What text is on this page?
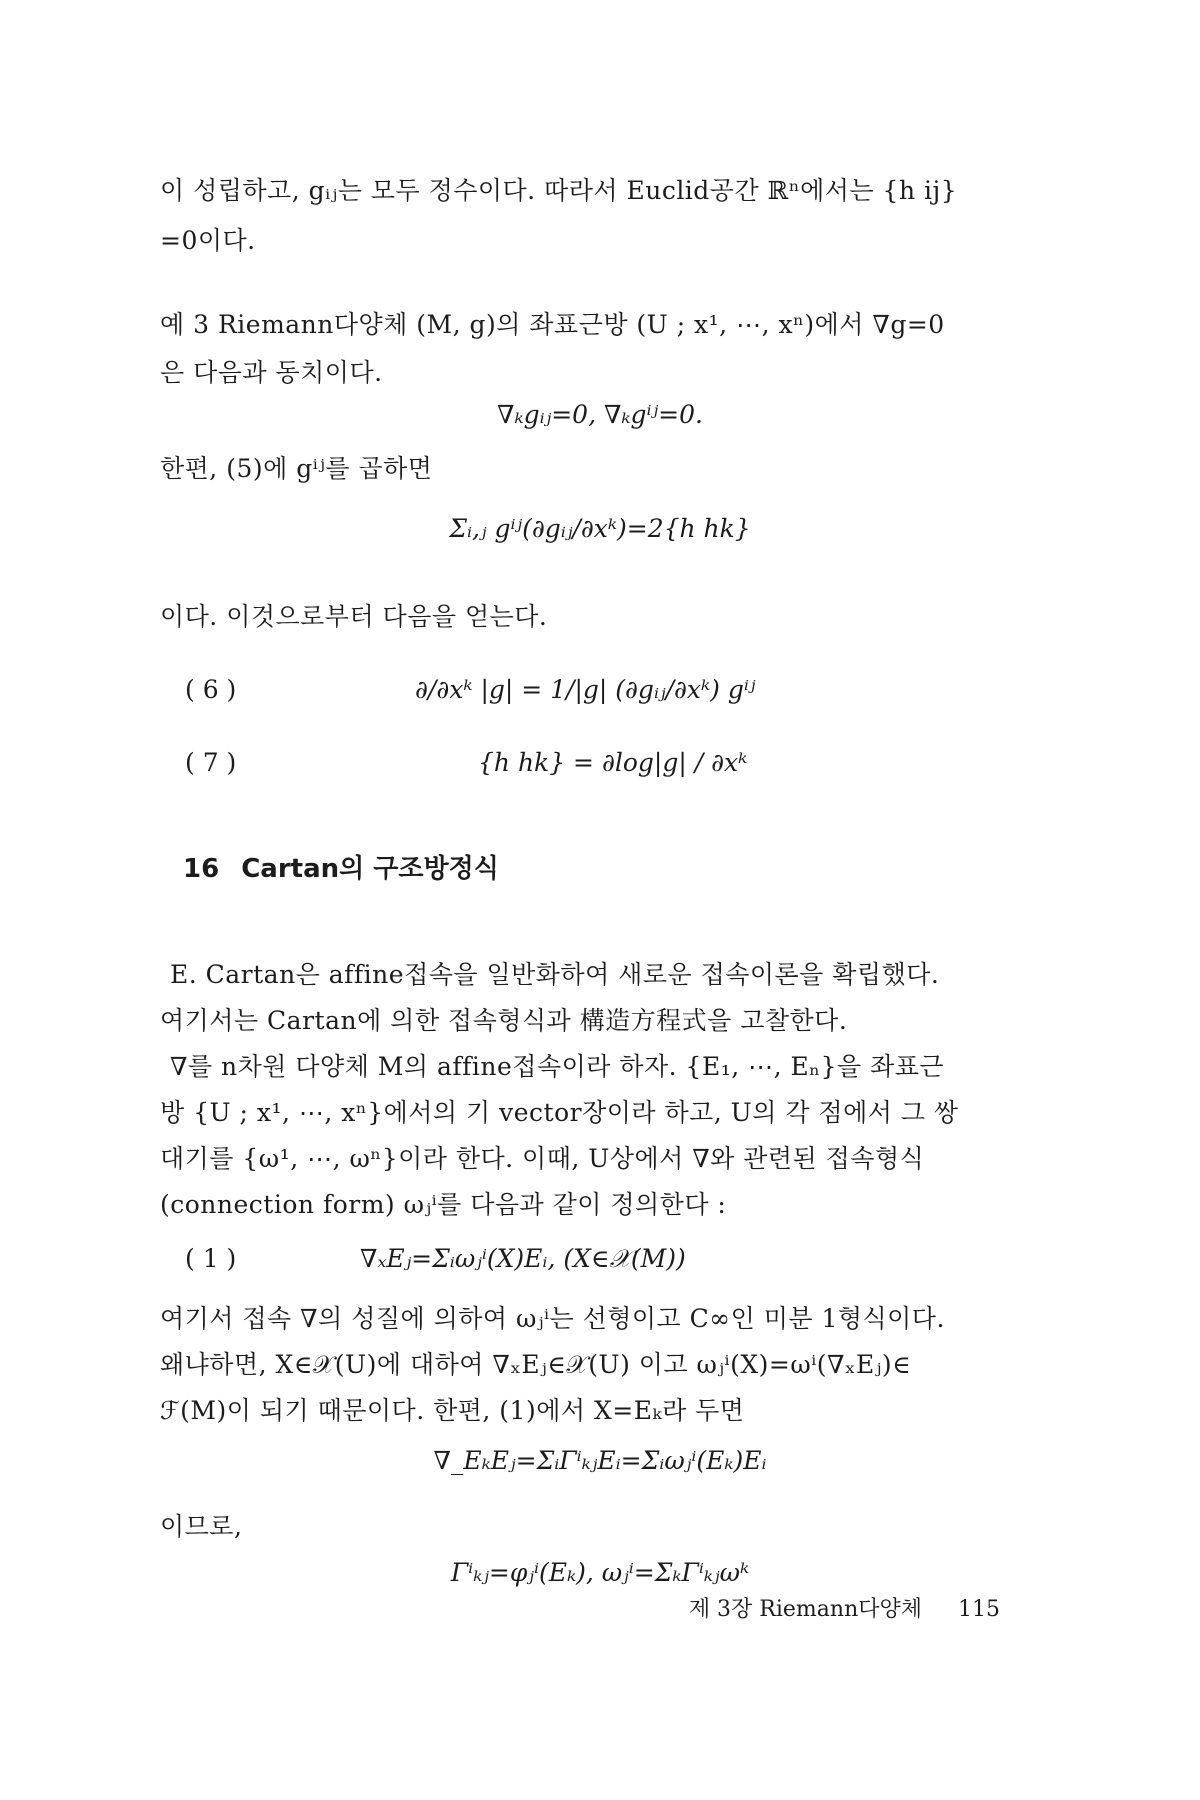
이 성립하고, gᵢⱼ는 모두 정수이다. 따라서 Euclid공간 ℝⁿ에서는 {h ij}
=0이다.
예 3 Riemann다양체 (M, g)의 좌표근방 (U ; x¹, ⋯, xⁿ)에서 ∇g=0
은 다음과 동치이다.
∇ₖgᵢⱼ=0, ∇ₖgⁱʲ=0.
한편, (5)에 gⁱʲ를 곱하면
Σᵢ,ⱼ gⁱʲ(∂gᵢⱼ/∂xᵏ)=2{h hk}
이다. 이것으로부터 다음을 얻는다.
( 6 )	∂/∂xᵏ |g| = 1/|g| (∂gᵢⱼ/∂xᵏ) gⁱʲ
( 7 )	{h hk} = ∂log|g| / ∂xᵏ
16 Cartan의 구조방정식
E. Cartan은 affine접속을 일반화하여 새로운 접속이론을 확립했다.
여기서는 Cartan에 의한 접속형식과 構造方程式을 고찰한다.
∇를 n차원 다양체 M의 affine접속이라 하자. {E₁, ⋯, Eₙ}을 좌표근
방 {U ; x¹, ⋯, xⁿ}에서의 기 vector장이라 하고, U의 각 점에서 그 쌍
대기를 {ω¹, ⋯, ωⁿ}이라 한다. 이때, U상에서 ∇와 관련된 접속형식
(connection form) ωⱼⁱ를 다음과 같이 정의한다 :
( 1 )	∇ₓEⱼ=Σᵢωⱼⁱ(X)Eᵢ, (X∈𝒳(M))
여기서 접속 ∇의 성질에 의하여 ωⱼⁱ는 선형이고 C∞인 미분 1형식이다.
왜냐하면, X∈𝒳(U)에 대하여 ∇ₓEⱼ∈𝒳(U) 이고 ωⱼⁱ(X)=ωⁱ(∇ₓEⱼ)∈
ℱ(M)이 되기 때문이다. 한편, (1)에서 X=Eₖ라 두면
∇_EₖEⱼ=ΣᵢΓⁱₖⱼEᵢ=Σᵢωⱼⁱ(Eₖ)Eᵢ
이므로,
Γⁱₖⱼ=φⱼⁱ(Eₖ), ωⱼⁱ=ΣₖΓⁱₖⱼωᵏ
제 3장 Riemann다양체 115
